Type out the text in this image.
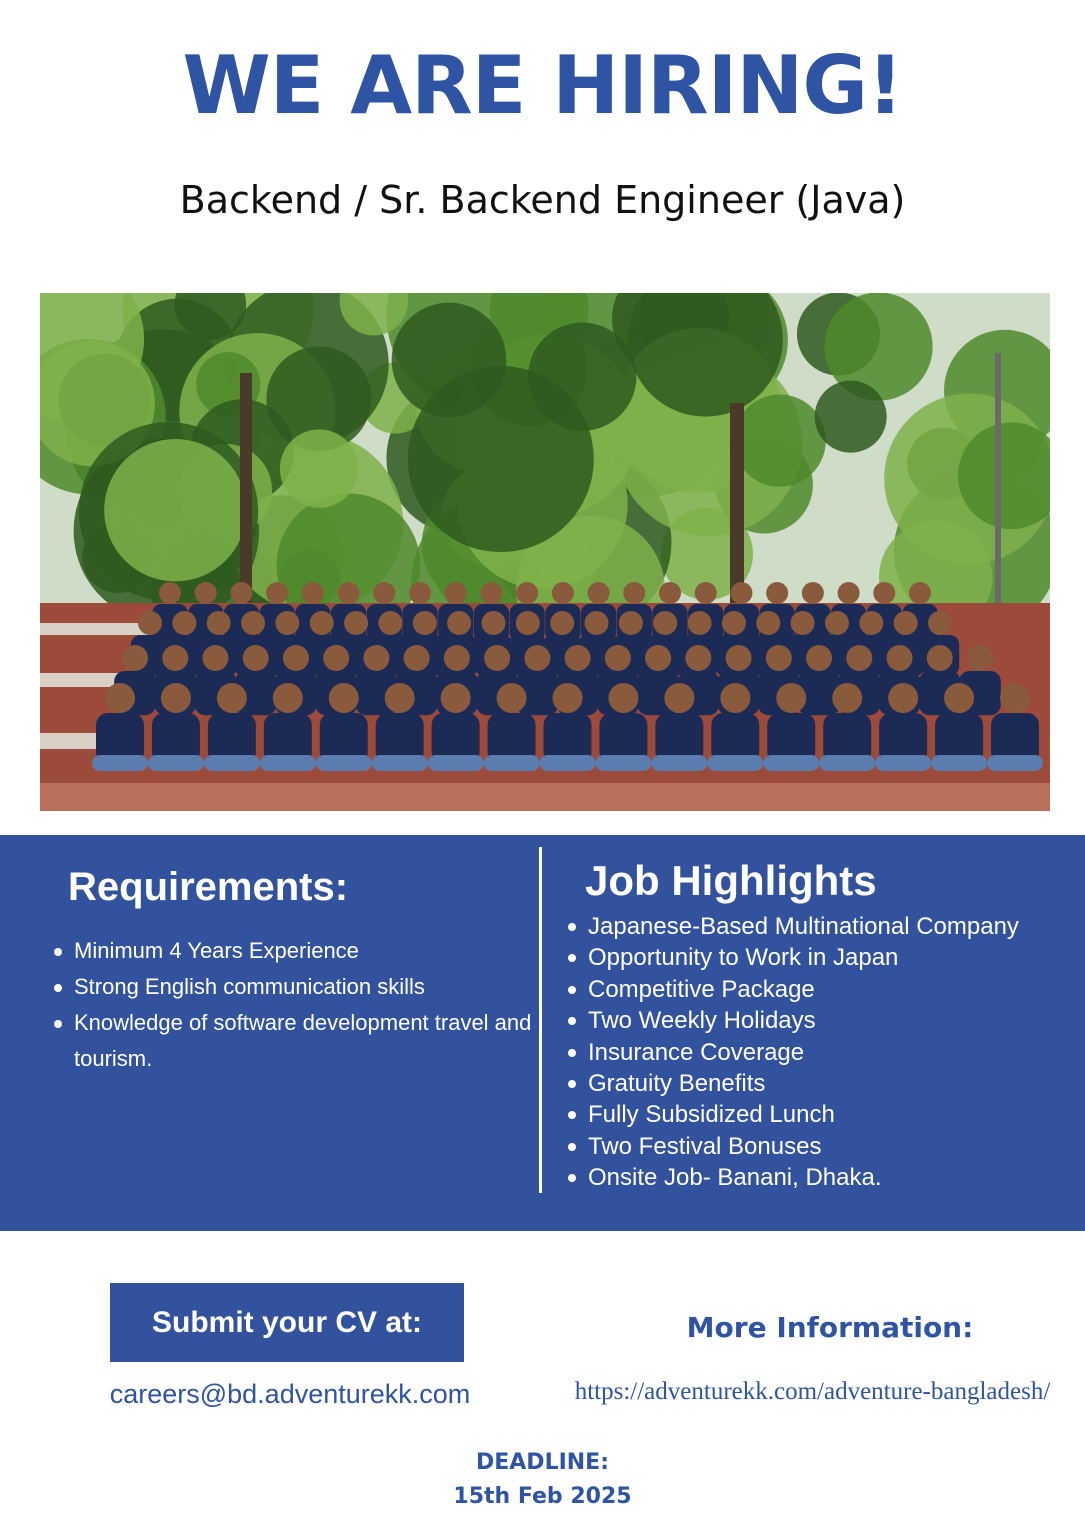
WE ARE HIRING!
Backend / Sr. Backend Engineer (Java)
Requirements:
Minimum 4 Years Experience
Strong English communication skills
Knowledge of software development travel and tourism.
Job Highlights
Japanese-Based Multinational Company
Opportunity to Work in Japan
Competitive Package
Two Weekly Holidays
Insurance Coverage
Gratuity Benefits
Fully Subsidized Lunch
Two Festival Bonuses
Onsite Job- Banani, Dhaka.
Submit your CV at:
careers@bd.adventurekk.com
More Information:
https://adventurekk.com/adventure-bangladesh/
DEADLINE:
15th Feb 2025
